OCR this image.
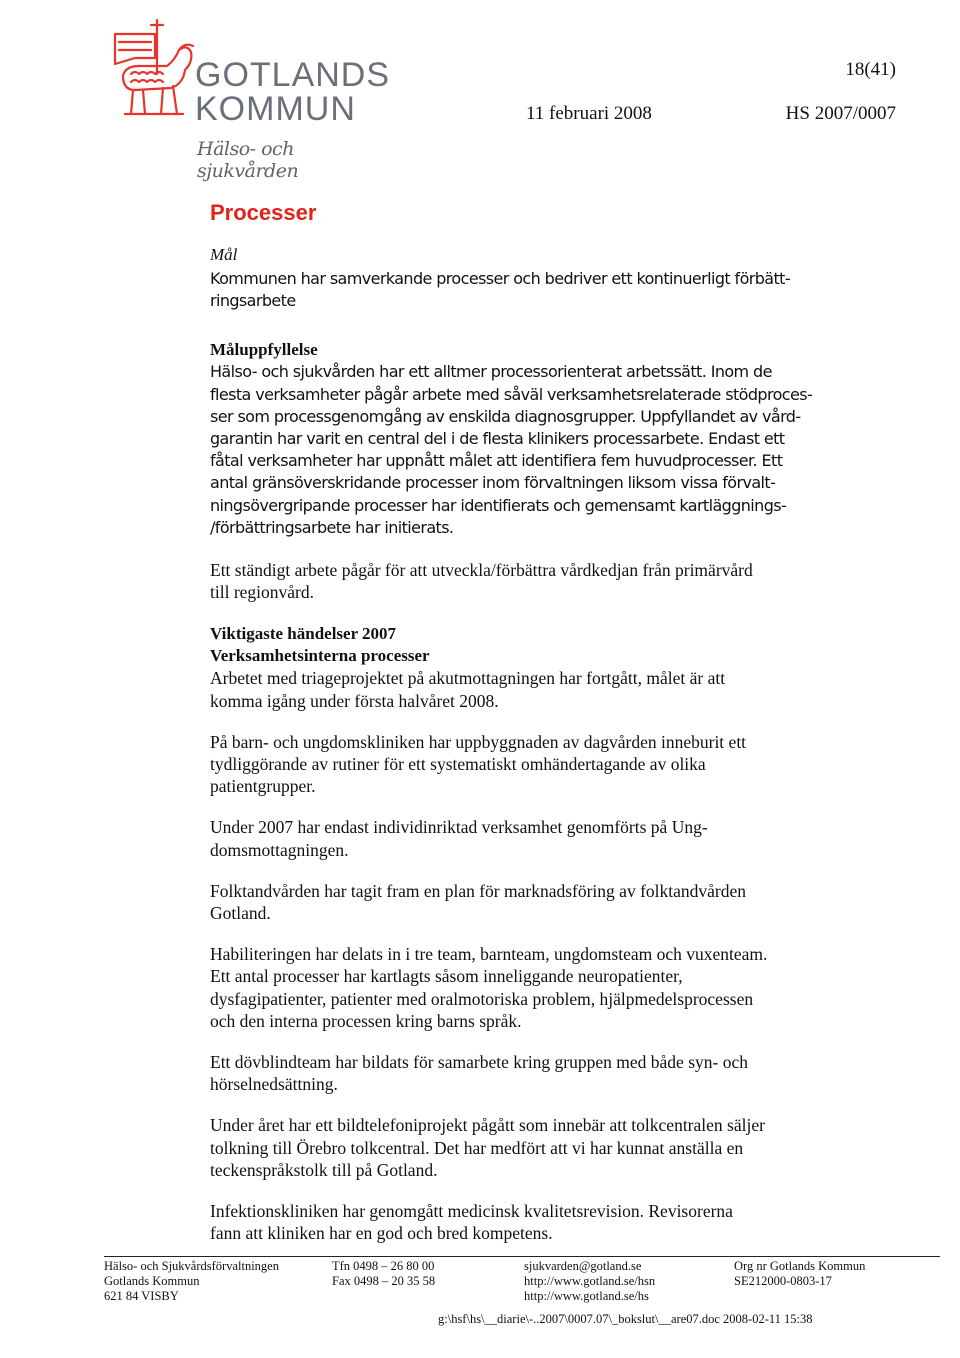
GOTLANDS
KOMMUN
Hälso- och sjukvården
18(41)
11 februari 2008	HS 2007/0007
Processer
Mål

Kommunen har samverkande processer och bedriver ett kontinuerligt förbätt-
ringsarbete

Måluppfyllelse

Hälso- och sjukvården har ett alltmer processorienterat arbetssätt. Inom de
flesta verksamheter pågår arbete med såväl verksamhetsrelaterade stödproces-
ser som processgenomgång av enskilda diagnosgrupper. Uppfyllandet av vård-
garantin har varit en central del i de flesta klinikers processarbete. Endast ett
fåtal verksamheter har uppnått målet att identifiera fem huvudprocesser. Ett
antal gränsöverskridande processer inom förvaltningen liksom vissa förvalt-
ningsövergripande processer har identifierats och gemensamt kartläggnings-
/förbättringsarbete har initierats.

Ett ständigt arbete pågår för att utveckla/förbättra vårdkedjan från primärvård
till regionvård.

Viktigaste händelser 2007

Verksamhetsinterna processer

Arbetet med triageprojektet på akutmottagningen har fortgått, målet är att
komma igång under första halvåret 2008.

På barn- och ungdomskliniken har uppbyggnaden av dagvården inneburit ett
tydliggörande av rutiner för ett systematiskt omhändertagande av olika
patientgrupper.

Under 2007 har endast individinriktad verksamhet genomförts på Ung-
domsmottagningen.

Folktandvården har tagit fram en plan för marknadsföring av folktandvården
Gotland.

Habiliteringen har delats in i tre team, barnteam, ungdomsteam och vuxenteam.
Ett antal processer har kartlagts såsom inneliggande neuropatienter,
dysfagipatienter, patienter med oralmotoriska problem, hjälpmedelsprocessen
och den interna processen kring barns språk.

Ett dövblindteam har bildats för samarbete kring gruppen med både syn- och
hörselnedsättning.

Under året har ett bildtelefoniprojekt pågått som innebär att tolkcentralen säljer
tolkning till Örebro tolkcentral. Det har medfört att vi har kunnat anställa en
teckenspråkstolk till på Gotland.

Infektionskliniken har genomgått medicinsk kvalitetsrevision. Revisorerna
fann att kliniken har en god och bred kompetens.

Hälso- och Sjukvårdsförvaltningen
Gotlands Kommun
621 84 VISBY
Tfn 0498 – 26 80 00
Fax 0498 – 20 35 58
sjukvarden@gotland.se
http://www.gotland.se/hsn
http://www.gotland.se/hs
Org nr Gotlands Kommun
SE212000-0803-17
g:\hsf\hs\__diarie\-..2007\0007.07\_bokslut\__are07.doc 2008-02-11 15:38
